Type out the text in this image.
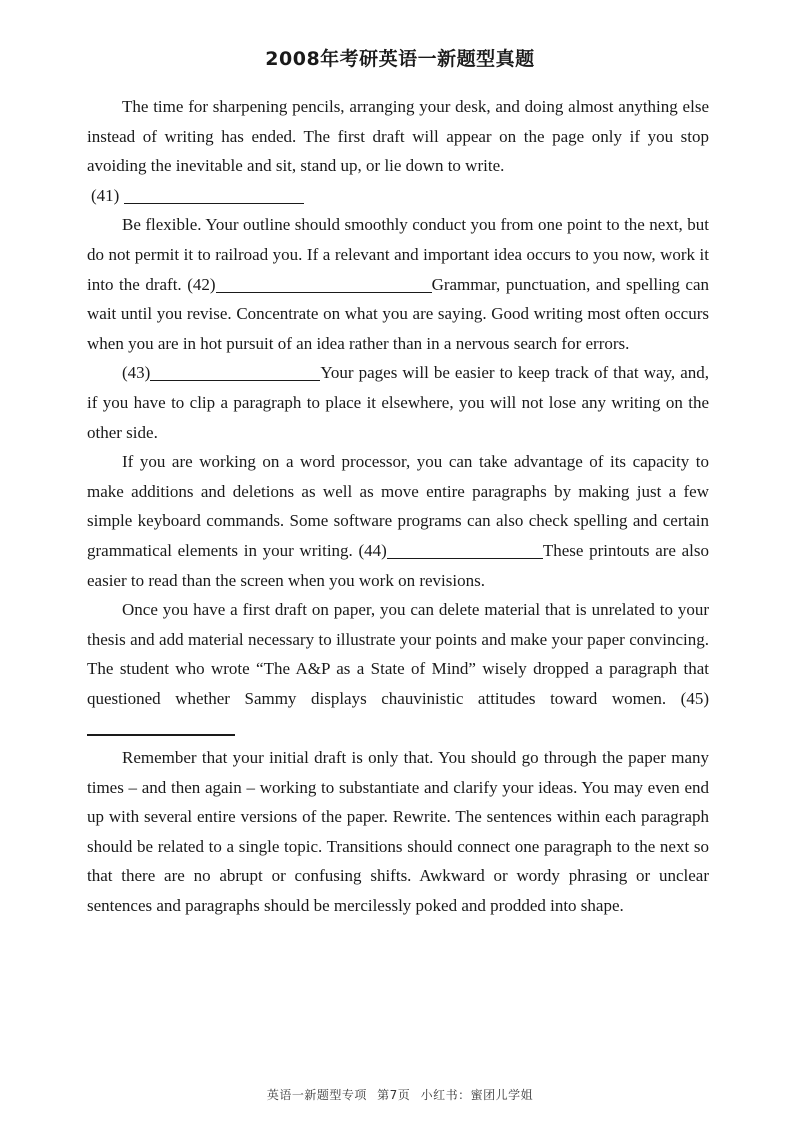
2008年考研英语一新题型真题

The time for sharpening pencils, arranging your desk, and doing almost anything else instead of writing has ended. The first draft will appear on the page only if you stop avoiding the inevitable and sit, stand up, or lie down to write.

(41)

Be flexible. Your outline should smoothly conduct you from one point to the next, but do not permit it to railroad you. If a relevant and important idea occurs to you now, work it into the draft. (42)	Grammar, punctuation, and spelling can wait until you revise. Concentrate on what you are saying. Good writing most often occurs when you are in hot pursuit of an idea rather than in a nervous search for errors.

(43)	Your pages will be easier to keep track of that way, and, if you have to clip a paragraph to place it elsewhere, you will not lose any writing on the other side.

If you are working on a word processor, you can take advantage of its capacity to make additions and deletions as well as move entire paragraphs by making just a few simple keyboard commands. Some software programs can also check spelling and certain grammatical elements in your writing. (44)	These printouts are also easier to read than the screen when you work on revisions.

Once you have a first draft on paper, you can delete material that is unrelated to your thesis and add material necessary to illustrate your points and make your paper convincing. The student who wrote “The A&P as a State of Mind” wisely dropped a paragraph that questioned whether Sammy displays chauvinistic attitudes toward women. (45)

Remember that your initial draft is only that. You should go through the paper many times – and then again – working to substantiate and clarify your ideas. You may even end up with several entire versions of the paper. Rewrite. The sentences within each paragraph should be related to a single topic. Transitions should connect one paragraph to the next so that there are no abrupt or confusing shifts. Awkward or wordy phrasing or unclear sentences and paragraphs should be mercilessly poked and prodded into shape.

英语一新题型专项 第7页 小红书：蜜团儿学姐
